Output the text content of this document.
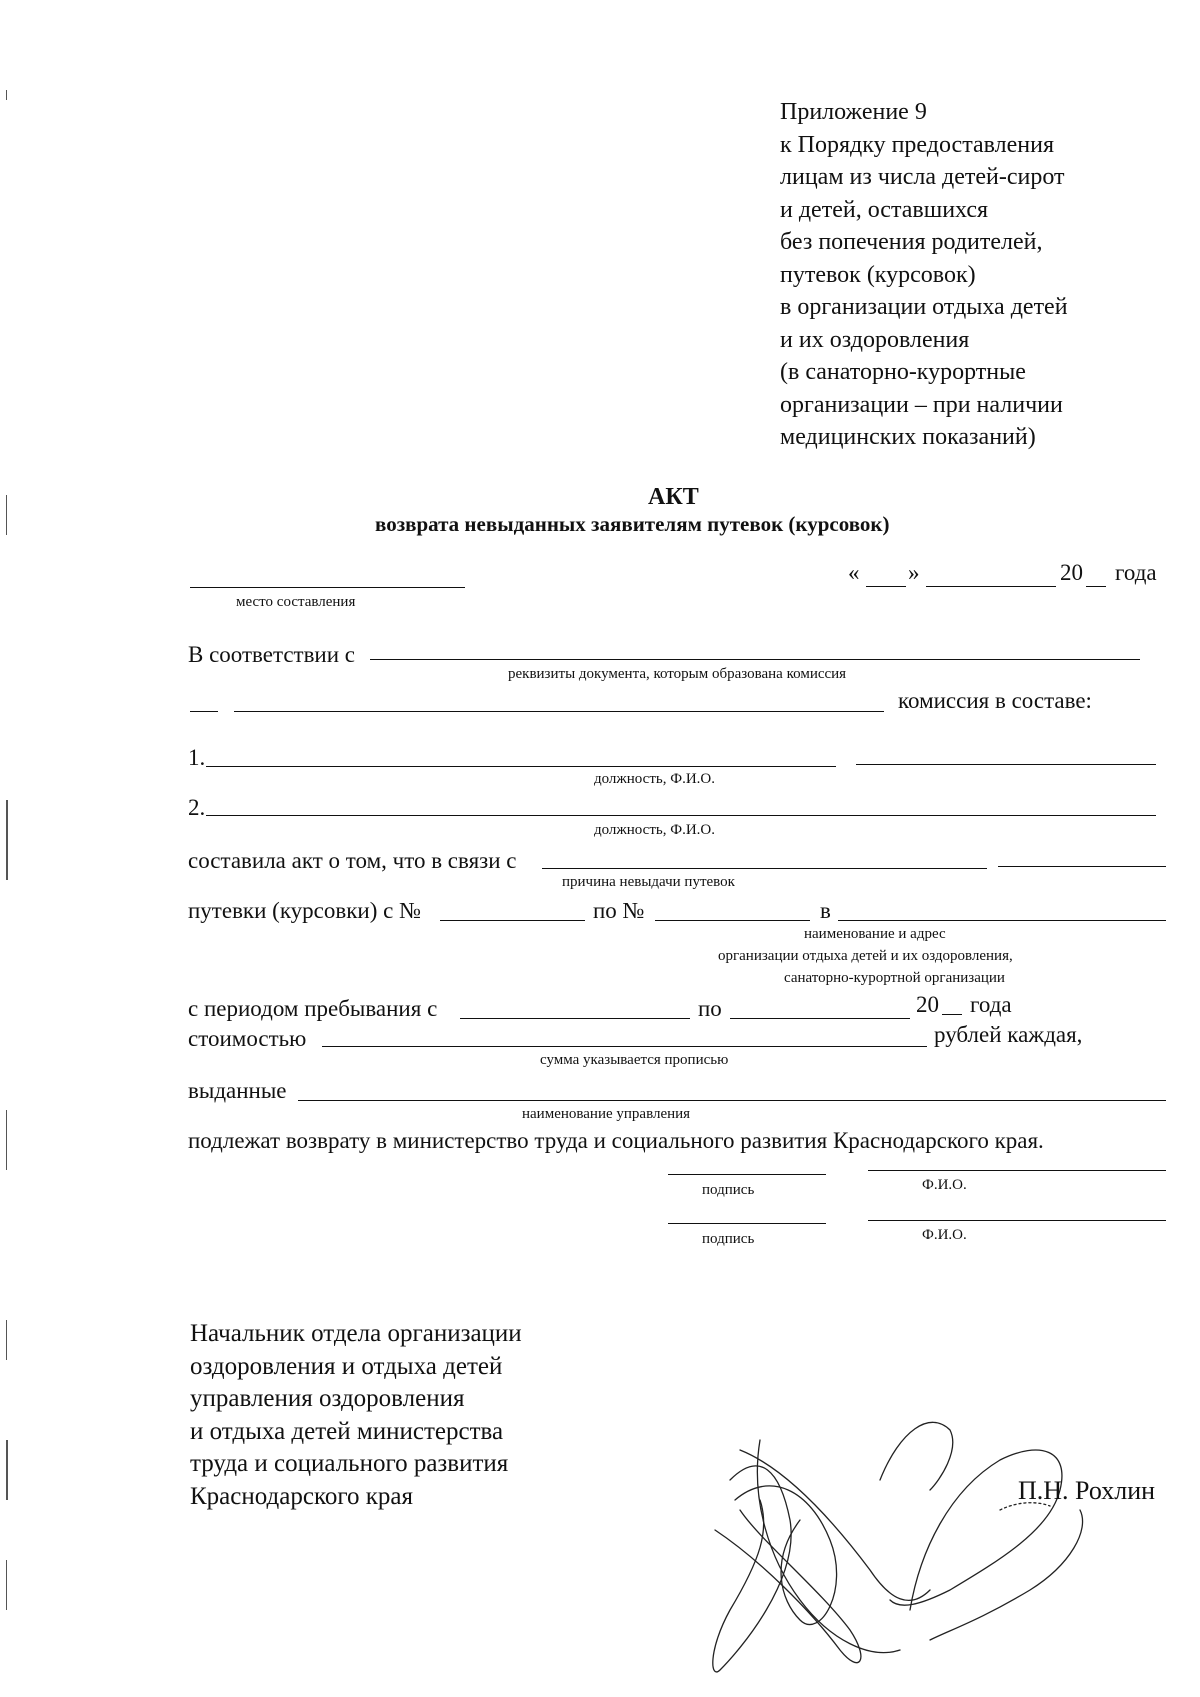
Приложение 9
к Порядку предоставления
лицам из числа детей-сирот
и детей, оставшихся
без попечения родителей,
путевок (курсовок)
в организации отдыха детей
и их оздоровления
(в санаторно-курортные
организации – при наличии
медицинских показаний)
АКТ
возврата невыданных заявителям путевок (курсовок)
« »	20 года
место составления
В соответствии с
реквизиты документа, которым образована комиссия
комиссия в составе:
1.
должность, Ф.И.О.
2.
должность, Ф.И.О.
составила акт о том, что в связи с
причина невыдачи путевок
путевки (курсовки) с №	по №	в
наименование и адрес
организации отдыха детей и их оздоровления,
санаторно-курортной организации
с периодом пребывания с	по	20 года
стоимостью	рублей каждая,
сумма указывается прописью
выданные
наименование управления
подлежат возврату в министерство труда и социального развития Краснодарского края.
подпись	Ф.И.О.
подпись	Ф.И.О.
Начальник отдела организации
оздоровления и отдыха детей
управления оздоровления
и отдыха детей министерства
труда и социального развития
Краснодарского края	П.Н. Рохлин
